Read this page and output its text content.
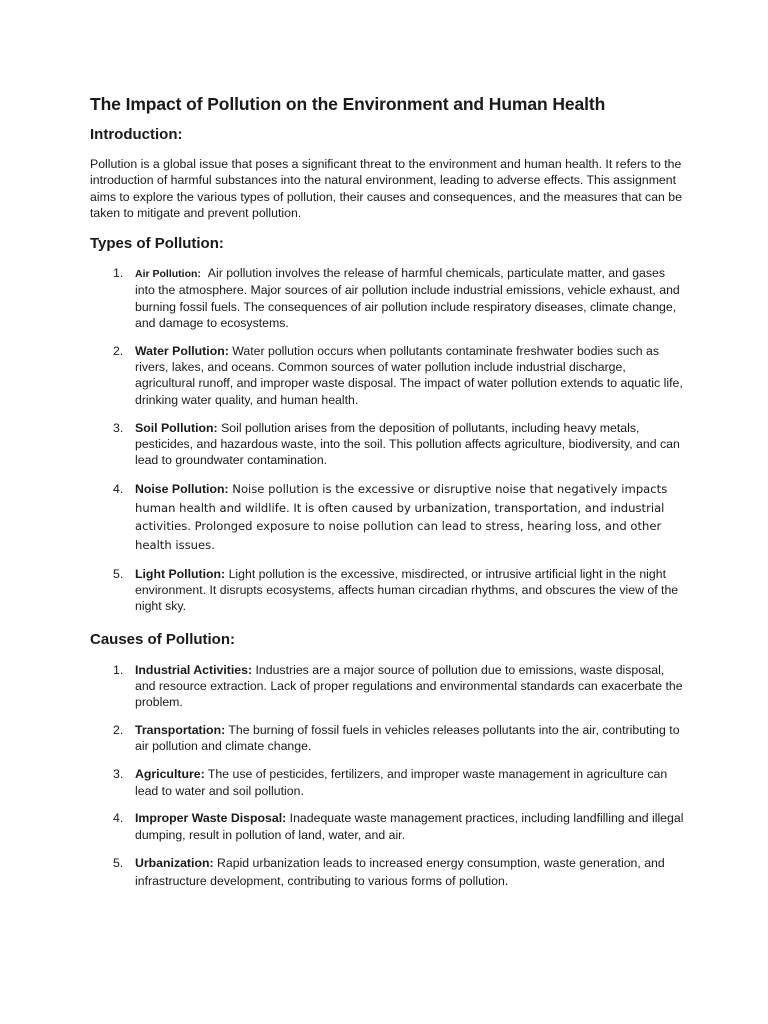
The Impact of Pollution on the Environment and Human Health
Introduction:

Pollution is a global issue that poses a significant threat to the environment and human health. It refers to the introduction of harmful substances into the natural environment, leading to adverse effects. This assignment aims to explore the various types of pollution, their causes and consequences, and the measures that can be taken to mitigate and prevent pollution.

Types of Pollution:
1. Air Pollution: Air pollution involves the release of harmful chemicals, particulate matter, and gases into the atmosphere. Major sources of air pollution include industrial emissions, vehicle exhaust, and burning fossil fuels. The consequences of air pollution include respiratory diseases, climate change, and damage to ecosystems.
2. Water Pollution: Water pollution occurs when pollutants contaminate freshwater bodies such as rivers, lakes, and oceans. Common sources of water pollution include industrial discharge, agricultural runoff, and improper waste disposal. The impact of water pollution extends to aquatic life, drinking water quality, and human health.
3. Soil Pollution: Soil pollution arises from the deposition of pollutants, including heavy metals, pesticides, and hazardous waste, into the soil. This pollution affects agriculture, biodiversity, and can lead to groundwater contamination.
4. Noise Pollution: Noise pollution is the excessive or disruptive noise that negatively impacts human health and wildlife. It is often caused by urbanization, transportation, and industrial activities. Prolonged exposure to noise pollution can lead to stress, hearing loss, and other health issues.
5. Light Pollution: Light pollution is the excessive, misdirected, or intrusive artificial light in the night environment. It disrupts ecosystems, affects human circadian rhythms, and obscures the view of the night sky.
Causes of Pollution:
1. Industrial Activities: Industries are a major source of pollution due to emissions, waste disposal, and resource extraction. Lack of proper regulations and environmental standards can exacerbate the problem.
2. Transportation: The burning of fossil fuels in vehicles releases pollutants into the air, contributing to air pollution and climate change.
3. Agriculture: The use of pesticides, fertilizers, and improper waste management in agriculture can lead to water and soil pollution.
4. Improper Waste Disposal: Inadequate waste management practices, including landfilling and illegal dumping, result in pollution of land, water, and air.
5. Urbanization: Rapid urbanization leads to increased energy consumption, waste generation, and infrastructure development, contributing to various forms of pollution.
